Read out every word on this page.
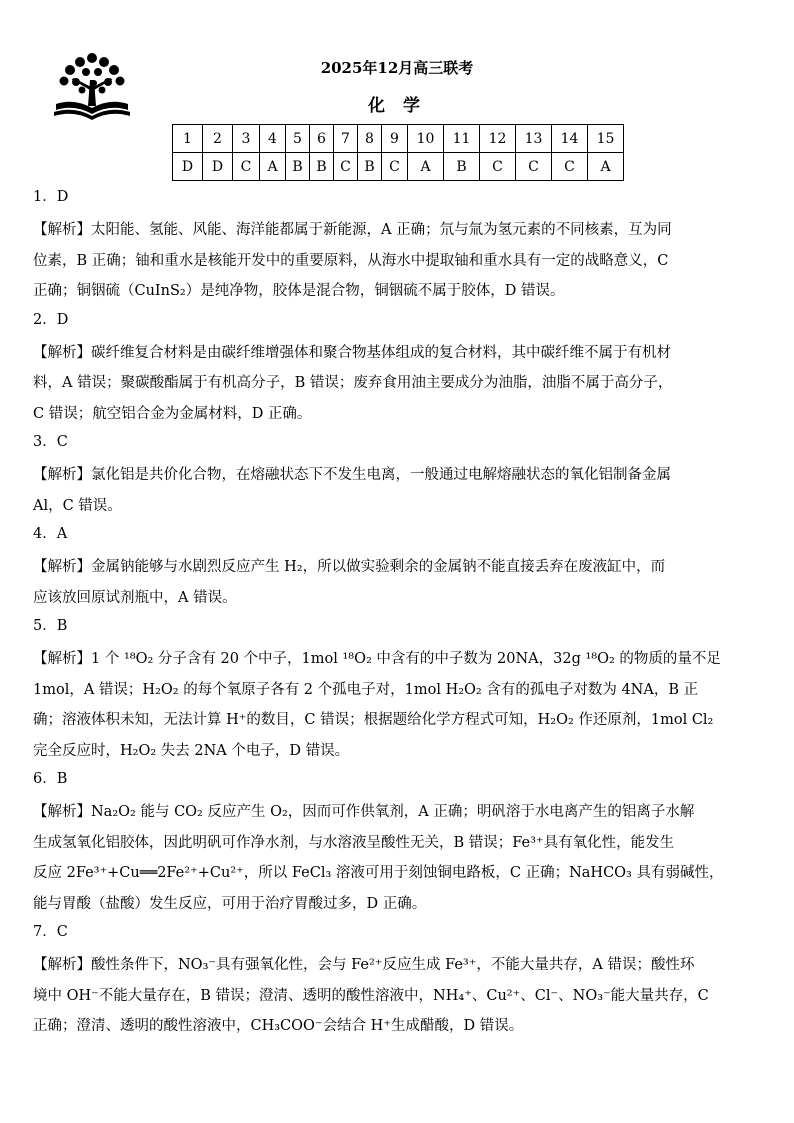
2025年12月高三联考
化 学
1	2	3	4	5	6	7	8	9	10	11	12	13	14	15
D	D	C	A	B	B	C	B	C	A	B	C	C	C	A
1．D
【解析】太阳能、氢能、风能、海洋能都属于新能源，A 正确；氘与氚为氢元素的不同核素，互为同
位素，B 正确；铀和重水是核能开发中的重要原料，从海水中提取铀和重水具有一定的战略意义，C
正确；铜铟硫（CuInS₂）是纯净物，胶体是混合物，铜铟硫不属于胶体，D 错误。
2．D
【解析】碳纤维复合材料是由碳纤维增强体和聚合物基体组成的复合材料，其中碳纤维不属于有机材
料，A 错误；聚碳酸酯属于有机高分子，B 错误；废弃食用油主要成分为油脂，油脂不属于高分子，
C 错误；航空铝合金为金属材料，D 正确。
3．C
【解析】氯化铝是共价化合物，在熔融状态下不发生电离，一般通过电解熔融状态的氧化铝制备金属
Al，C 错误。
4．A
【解析】金属钠能够与水剧烈反应产生 H₂，所以做实验剩余的金属钠不能直接丢弃在废液缸中，而
应该放回原试剂瓶中，A 错误。
5．B
【解析】1 个 ¹⁸O₂ 分子含有 20 个中子，1mol ¹⁸O₂ 中含有的中子数为 20NA，32g ¹⁸O₂ 的物质的量不足
1mol，A 错误；H₂O₂ 的每个氧原子各有 2 个孤电子对，1mol H₂O₂ 含有的孤电子对数为 4NA，B 正
确；溶液体积未知，无法计算 H⁺的数目，C 错误；根据题给化学方程式可知，H₂O₂ 作还原剂，1mol Cl₂
完全反应时，H₂O₂ 失去 2NA 个电子，D 错误。
6．B
【解析】Na₂O₂ 能与 CO₂ 反应产生 O₂，因而可作供氧剂，A 正确；明矾溶于水电离产生的铝离子水解
生成氢氧化铝胶体，因此明矾可作净水剂，与水溶液呈酸性无关，B 错误；Fe³⁺具有氧化性，能发生
反应 2Fe³⁺+Cu══2Fe²⁺+Cu²⁺，所以 FeCl₃ 溶液可用于刻蚀铜电路板，C 正确；NaHCO₃ 具有弱碱性，
能与胃酸（盐酸）发生反应，可用于治疗胃酸过多，D 正确。
7．C
【解析】酸性条件下，NO₃⁻具有强氧化性，会与 Fe²⁺反应生成 Fe³⁺，不能大量共存，A 错误；酸性环
境中 OH⁻不能大量存在，B 错误；澄清、透明的酸性溶液中，NH₄⁺、Cu²⁺、Cl⁻、NO₃⁻能大量共存，C
正确；澄清、透明的酸性溶液中，CH₃COO⁻会结合 H⁺生成醋酸，D 错误。
